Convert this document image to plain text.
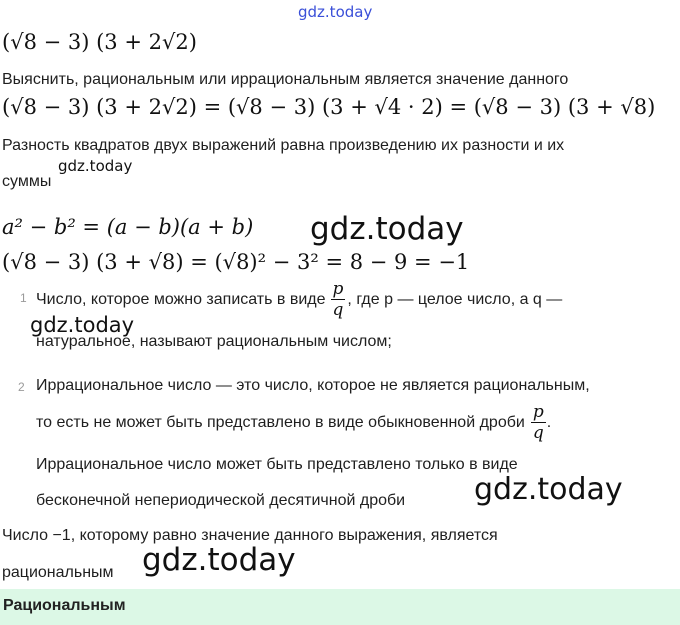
gdz.today
(√8 − 3) (3 + 2√2)
Выяснить, рациональным или иррациональным является значение данного
(√8 − 3) (3 + 2√2) = (√8 − 3) (3 + √4 · 2) = (√8 − 3) (3 + √8)
Разность квадратов двух выражений равна произведению их разности и их
gdz.today
суммы
a² − b² = (a − b)(a + b) gdz.today
(√8 − 3) (3 + √8) = (√8)² − 3² = 8 − 9 = −1
1 Число, которое можно записать в виде $\frac{p}{q}$ , где p — целое число, а q —
gdz.today
натуральное, называют рациональным числом;
2 Иррациональное число — это число, которое не является рациональным,
то есть не может быть представлено в виде обыкновенной дроби $\frac{p}{q}$ .
Иррациональное число может быть представлено только в виде
бесконечной непериодической десятичной дроби gdz.today
Число −1, которому равно значение данного выражения, является
рациональным gdz.today
Рациональным
